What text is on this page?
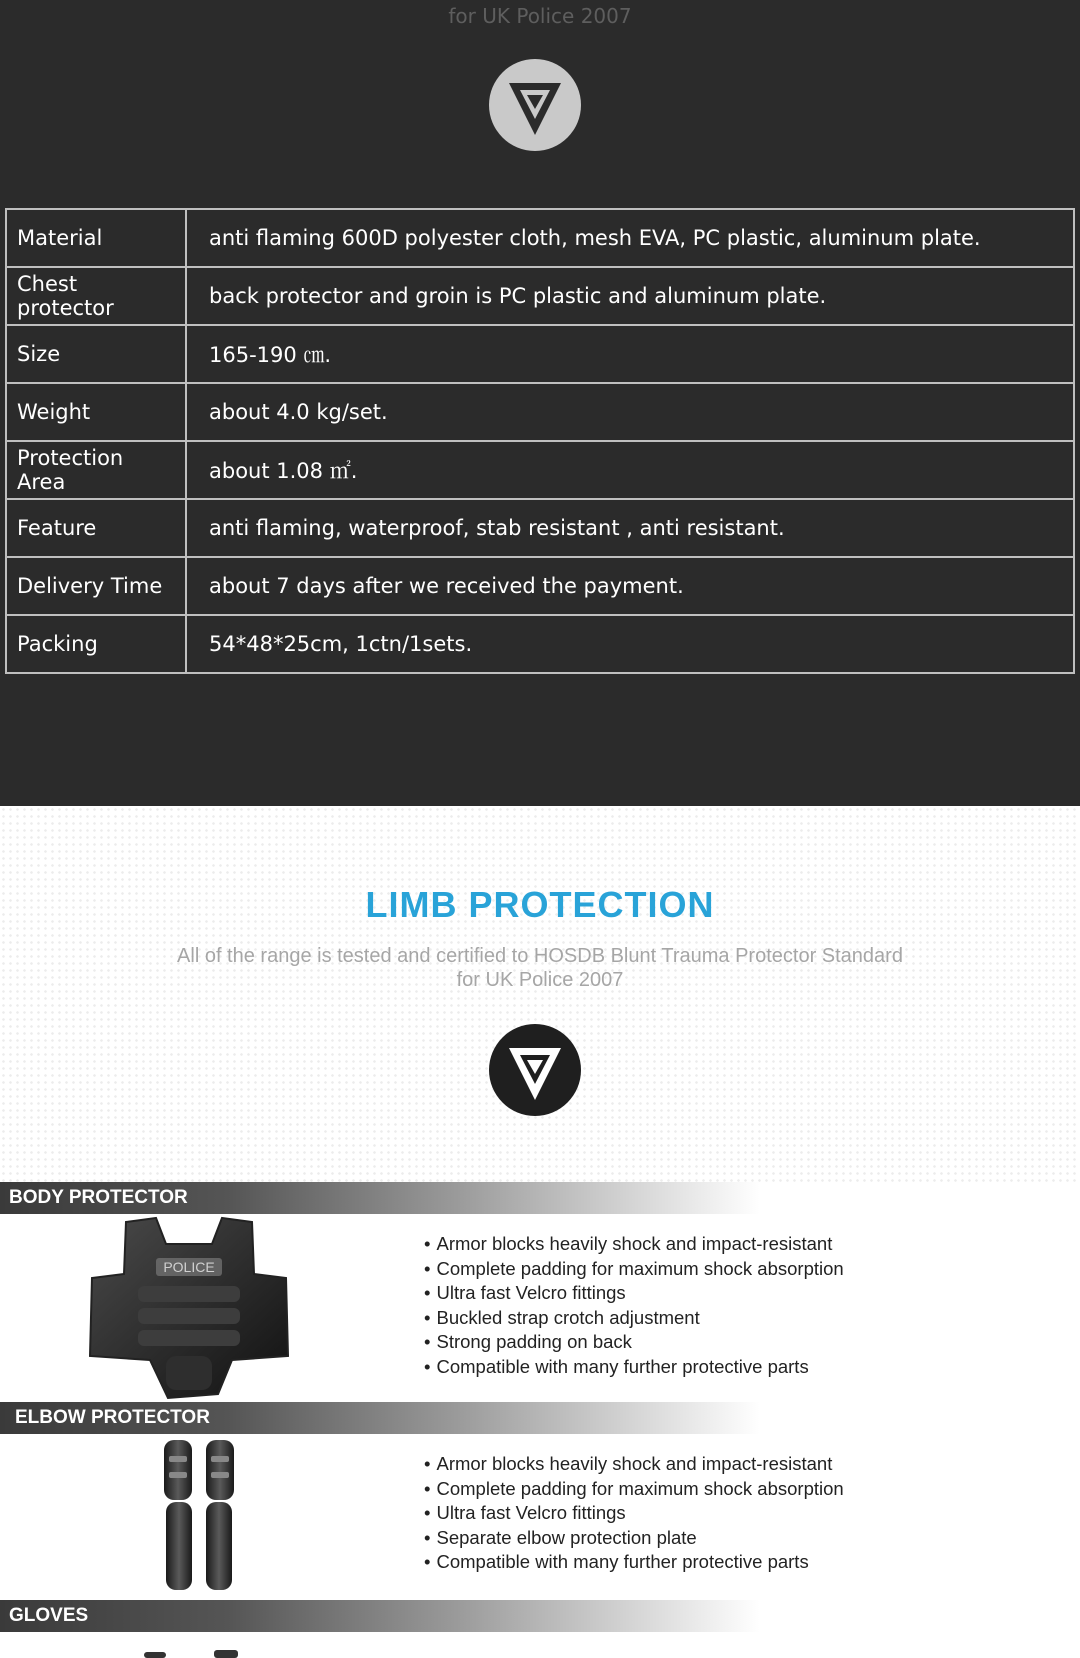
for UK Police 2007
Material	anti flaming 600D polyester cloth, mesh EVA, PC plastic, aluminum plate.
Chest protector	back protector and groin is PC plastic and aluminum plate.
Size	165-190 ㎝.
Weight	about 4.0 kg/set.
Protection Area	about 1.08 ㎡.
Feature	anti flaming, waterproof, stab resistant , anti resistant.
Delivery Time	about 7 days after we received the payment.
Packing	54*48*25cm, 1ctn/1sets.
LIMB PROTECTION
All of the range is tested and certified to HOSDB Blunt Trauma Protector Standard
for UK Police 2007
BODY PROTECTOR
POLICE
• Armor blocks heavily shock and impact-resistant
• Complete padding for maximum shock absorption
• Ultra fast Velcro fittings
• Buckled strap crotch adjustment
• Strong padding on back
• Compatible with many further protective parts
ELBOW PROTECTOR
• Armor blocks heavily shock and impact-resistant
• Complete padding for maximum shock absorption
• Ultra fast Velcro fittings
• Separate elbow protection plate
• Compatible with many further protective parts
GLOVES
